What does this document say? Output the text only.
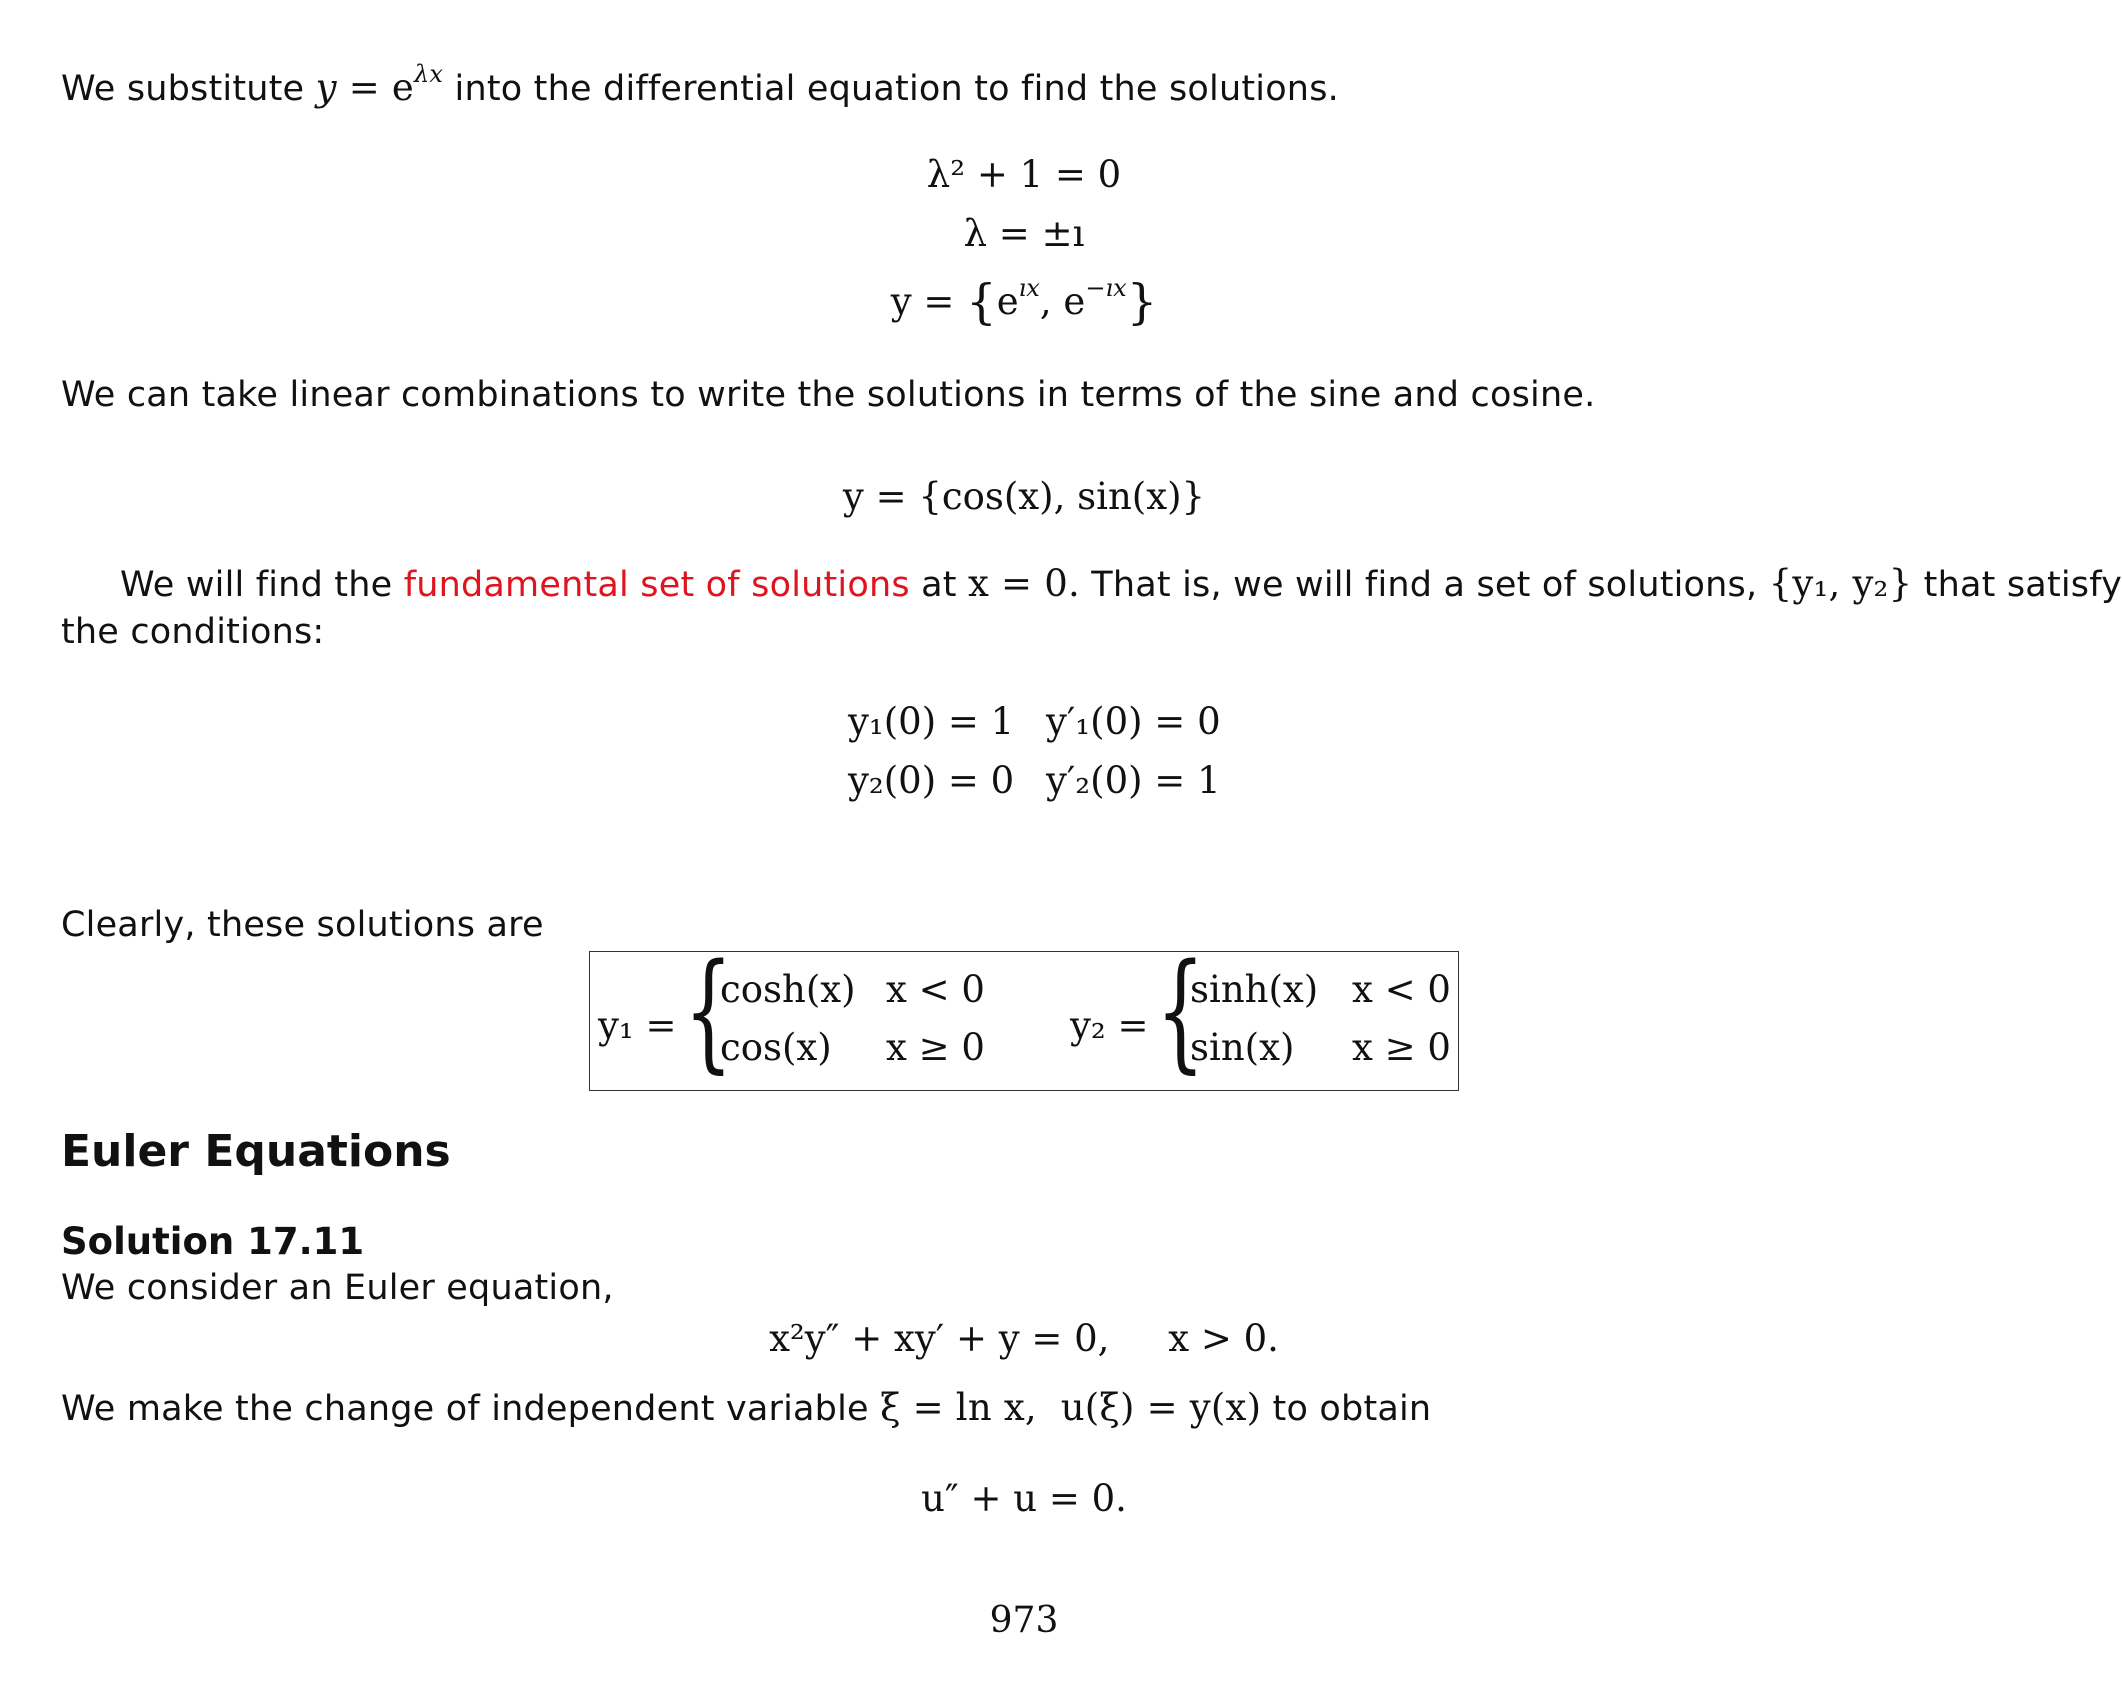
We substitute $y = e^{\lambda x}$ into the differential equation to find the solutions.
λ² + 1 = 0
λ = ±ı
$y = \{e^{ıx}$, $e^{-ıx}$}
We can take linear combinations to write the solutions in terms of the sine and cosine.
y = {cos(x), sin(x)}
We will find the fundamental set of solutions at x = 0. That is, we will find a set of solutions, {y₁, y₂} that satisfy
the conditions:
y₁(0) = 1 y′₁(0) = 0
y₂(0) = 0 y′₂(0) = 1
Clearly, these solutions are
y₁ = {
cosh(x) x < 0
cos(x) x ≥ 0
y₂ = {
sinh(x) x < 0
sin(x) x ≥ 0
Euler Equations
Solution 17.11
We consider an Euler equation,
x²y″ + xy′ + y = 0,     x > 0.
We make the change of independent variable ξ = ln x,  u(ξ) = y(x) to obtain
u″ + u = 0.
973
